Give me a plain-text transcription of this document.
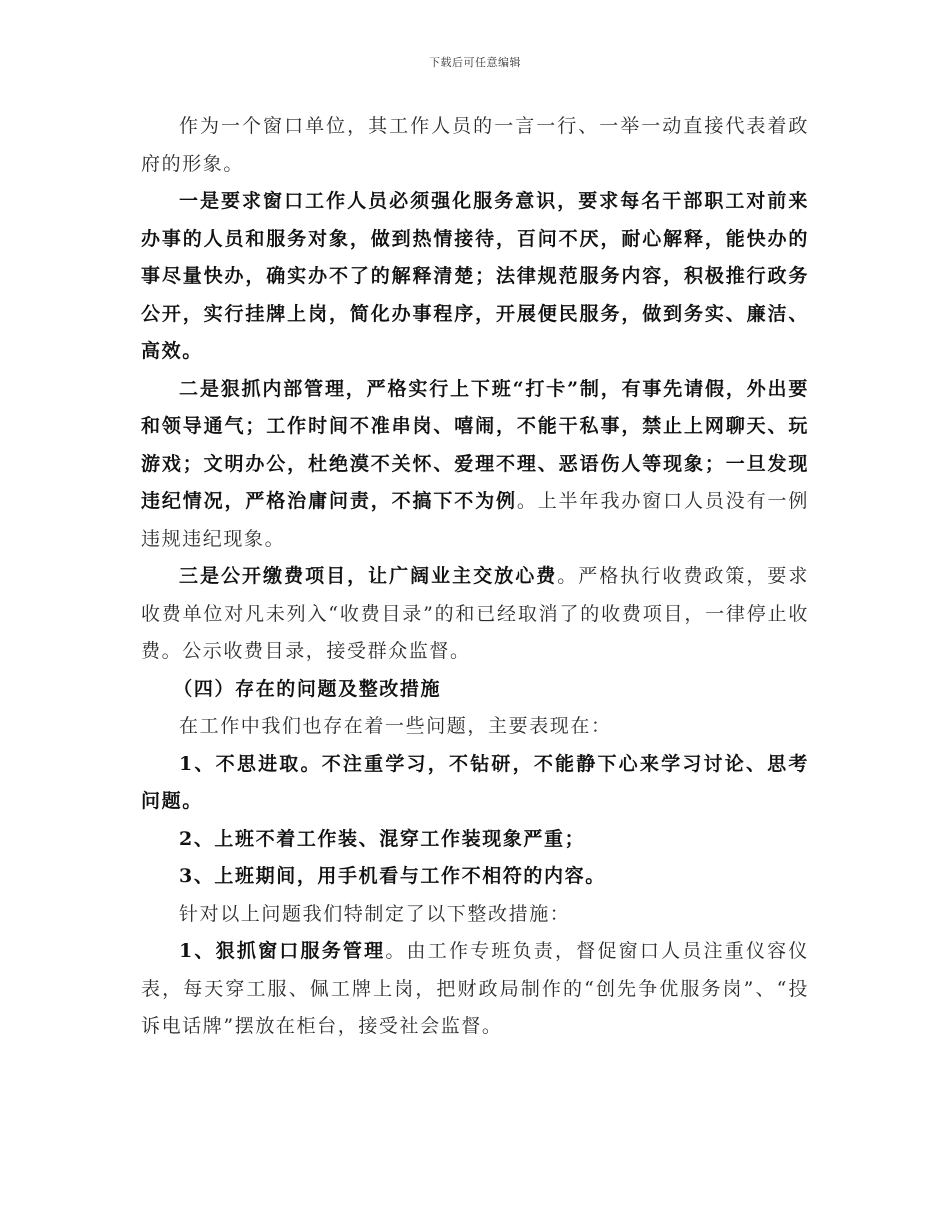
下载后可任意编辑

作为一个窗口单位，其工作人员的一言一行、一举一动直接代表着政府的形象。

一是要求窗口工作人员必须强化服务意识，要求每名干部职工对前来办事的人员和服务对象，做到热情接待，百问不厌，耐心解释，能快办的事尽量快办，确实办不了的解释清楚；法律规范服务内容，积极推行政务公开，实行挂牌上岗，简化办事程序，开展便民服务，做到务实、廉洁、高效。

二是狠抓内部管理，严格实行上下班“打卡”制，有事先请假，外出要和领导通气；工作时间不准串岗、嘻闹，不能干私事，禁止上网聊天、玩游戏；文明办公，杜绝漠不关怀、爱理不理、恶语伤人等现象；一旦发现违纪情况，严格治庸问责，不搞下不为例。上半年我办窗口人员没有一例违规违纪现象。

三是公开缴费项目，让广阔业主交放心费。严格执行收费政策，要求收费单位对凡未列入“收费目录”的和已经取消了的收费项目，一律停止收费。公示收费目录，接受群众监督。

（四）存在的问题及整改措施

在工作中我们也存在着一些问题，主要表现在：

1、不思进取。不注重学习，不钻研，不能静下心来学习讨论、思考问题。

2、上班不着工作装、混穿工作装现象严重；

3、上班期间，用手机看与工作不相符的内容。

针对以上问题我们特制定了以下整改措施：

1、狠抓窗口服务管理。由工作专班负责，督促窗口人员注重仪容仪表，每天穿工服、佩工牌上岗，把财政局制作的“创先争优服务岗”、“投诉电话牌”摆放在柜台，接受社会监督。
